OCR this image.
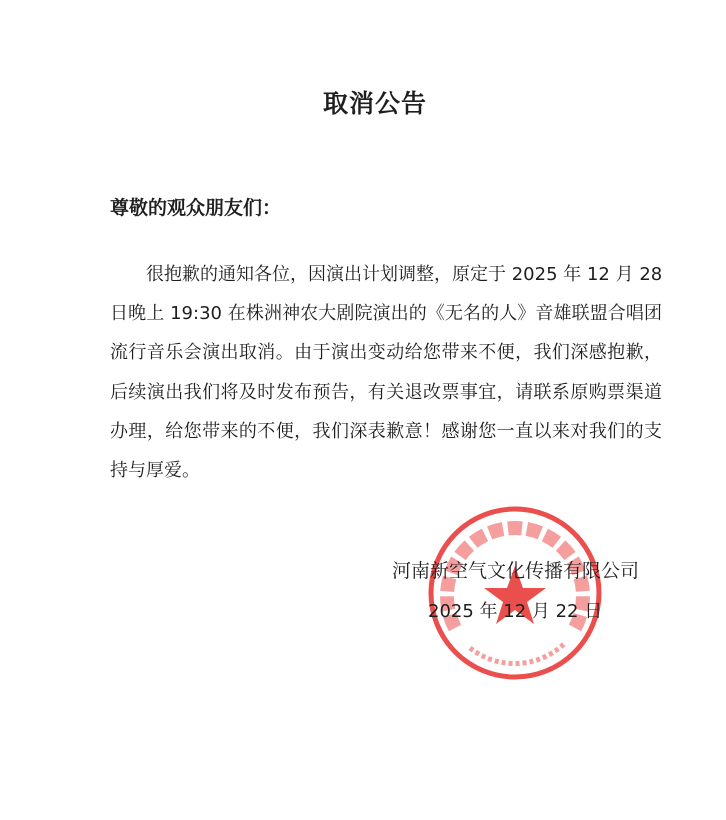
取消公告
尊敬的观众朋友们：
很抱歉的通知各位，因演出计划调整，原定于 2025 年 12 月 28
日晚上 19:30 在株洲神农大剧院演出的《无名的人》音雄联盟合唱团
流行音乐会演出取消。由于演出变动给您带来不便，我们深感抱歉，
后续演出我们将及时发布预告，有关退改票事宜，请联系原购票渠道
办理，给您带来的不便，我们深表歉意！感谢您一直以来对我们的支
持与厚爱。
河南新空气文化传播有限公司
2025 年 12 月 22 日
